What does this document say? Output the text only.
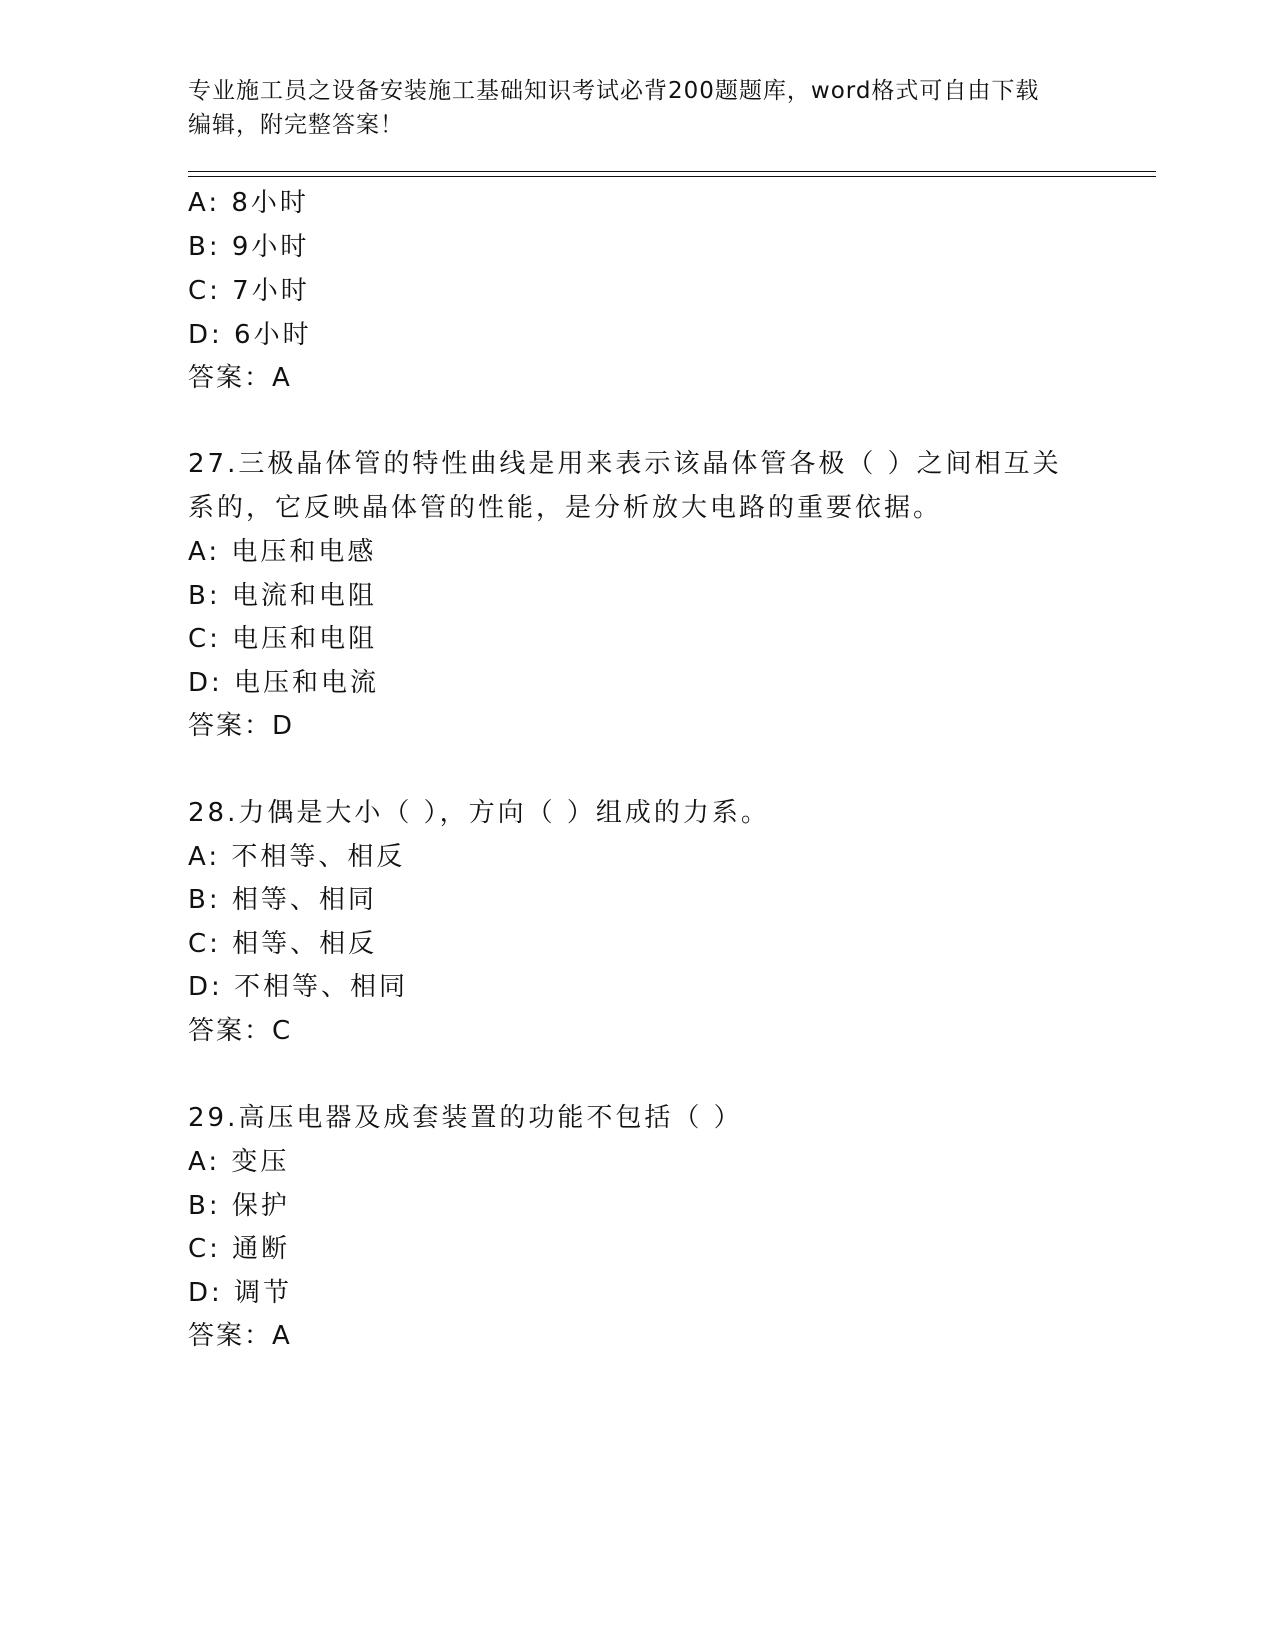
专业施工员之设备安装施工基础知识考试必背200题题库，word格式可自由下载
编辑，附完整答案！
A: 8小时
B: 9小时
C: 7小时
D: 6小时
答案：A
27.三极晶体管的特性曲线是用来表示该晶体管各极（ ）之间相互关
系的，它反映晶体管的性能，是分析放大电路的重要依据。
A: 电压和电感
B: 电流和电阻
C: 电压和电阻
D: 电压和电流
答案：D
28.力偶是大小（ ），方向（ ）组成的力系。
A: 不相等、相反
B: 相等、相同
C: 相等、相反
D: 不相等、相同
答案：C
29.高压电器及成套装置的功能不包括（ ）
A: 变压
B: 保护
C: 通断
D: 调节
答案：A
